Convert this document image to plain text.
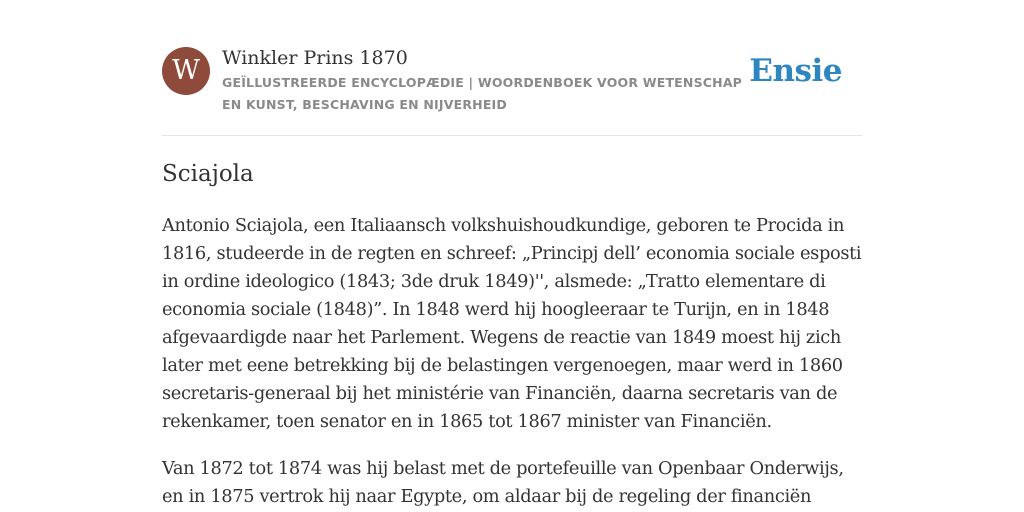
W	Winkler Prins 1870
GEÏLLUSTREERDE ENCYCLOPÆDIE | WOORDENBOEK VOOR WETENSCHAP EN KUNST, BESCHAVING EN NIJVERHEID
Ensie
Sciajola

Antonio Sciajola, een Italiaansch volkshuishoudkundige, geboren te Procida in 1816, studeerde in de regten en schreef: „Principj dell’ economia sociale esposti in ordine ideologico (1843; 3de druk 1849)'', alsmede: „Tratto elementare di economia sociale (1848)”. In 1848 werd hij hoogleeraar te Turijn, en in 1848 afgevaardigde naar het Parlement. Wegens de reactie van 1849 moest hij zich later met eene betrekking bij de belastingen vergenoegen, maar werd in 1860 secretaris-generaal bij het ministérie van Financiën, daarna secretaris van de rekenkamer, toen senator en in 1865 tot 1867 minister van Financiën.

Van 1872 tot 1874 was hij belast met de portefeuille van Openbaar Onderwijs, en in 1875 vertrok hij naar Egypte, om aldaar bij de regeling der financiën
